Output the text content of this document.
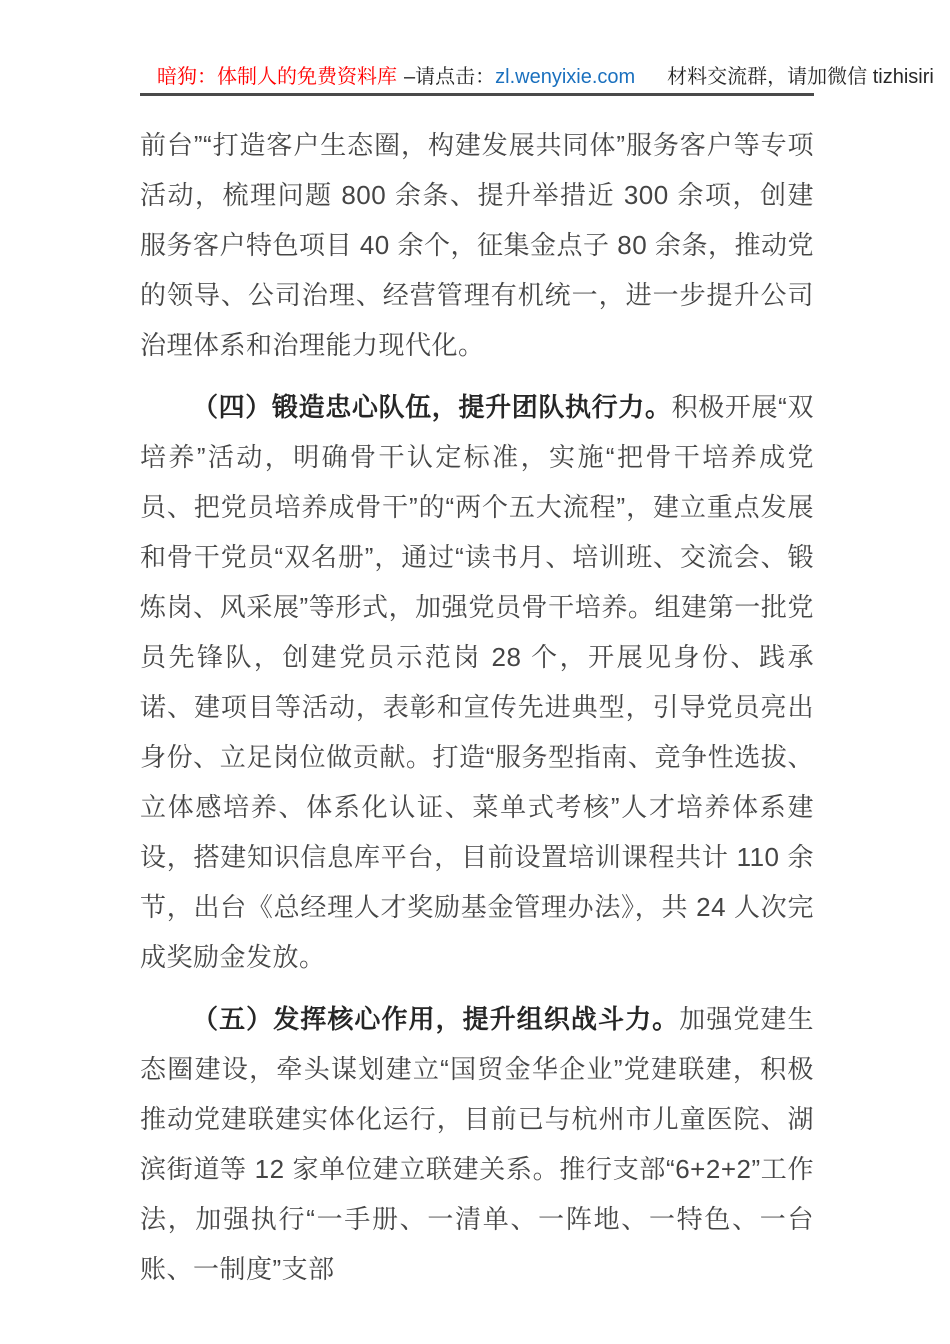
暗狗：体制人的免费资料库 –请点击：zl.wenyixie.com 材料交流群，请加微信 tizhisiri

前台”“打造客户生态圈，构建发展共同体”服务客户等专项活动，梳理问题 800 余条、提升举措近 300 余项，创建服务客户特色项目 40 余个，征集金点子 80 余条，推动党的领导、公司治理、经营管理有机统一，进一步提升公司治理体系和治理能力现代化。

（四）锻造忠心队伍，提升团队执行力。积极开展“双培养”活动，明确骨干认定标准，实施“把骨干培养成党员、把党员培养成骨干”的“两个五大流程”，建立重点发展和骨干党员“双名册”，通过“读书月、培训班、交流会、锻炼岗、风采展”等形式，加强党员骨干培养。组建第一批党员先锋队，创建党员示范岗 28 个，开展见身份、践承诺、建项目等活动，表彰和宣传先进典型，引导党员亮出身份、立足岗位做贡献。打造“服务型指南、竞争性选拔、立体感培养、体系化认证、菜单式考核”人才培养体系建设，搭建知识信息库平台，目前设置培训课程共计 110 余节，出台《总经理人才奖励基金管理办法》，共 24 人次完成奖励金发放。

（五）发挥核心作用，提升组织战斗力。加强党建生态圈建设，牵头谋划建立“国贸金华企业”党建联建，积极推动党建联建实体化运行，目前已与杭州市儿童医院、湖滨街道等 12 家单位建立联建关系。推行支部“6+2+2”工作法，加强执行“一手册、一清单、一阵地、一特色、一台账、一制度”支部
